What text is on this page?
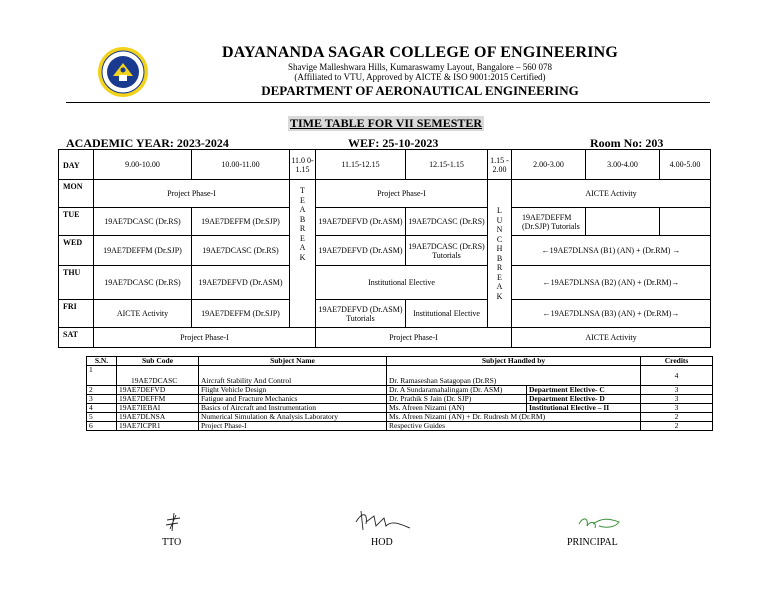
DAYANANDA SAGAR COLLEGE OF ENGINEERING
Shavige Malleshwara Hills, Kumaraswamy Layout, Bangalore – 560 078
(Affiliated to VTU, Approved by AICTE & ISO 9001:2015 Certified)
DEPARTMENT OF AERONAUTICAL ENGINEERING
TIME TABLE FOR VII SEMESTER
ACADEMIC YEAR: 2023-2024	WEF: 25-10-2023	Room No: 203
DAY	9.00-10.00	10.00-11.00	11.0 0- 1.15	11.15-12.15	12.15-1.15	1.15 - 2.00	2.00-3.00	3.00-4.00	4.00-5.00
MON	Project Phase-I		T E A B R E A K	Project Phase-I		L U N C H B R E A K	AICTE Activity		
TUE	19AE7DCASC (Dr.RS)	19AE7DEFFM (Dr.SJP)		19AE7DEFVD (Dr.ASM)	19AE7DCASC (Dr.RS)		19AE7DEFFM (Dr.SJP) Tutorials		
WED	19AE7DEFFM (Dr.SJP)	19AE7DCASC (Dr.RS)		19AE7DEFVD (Dr.ASM)	19AE7DCASC (Dr.RS) Tutorials		←19AE7DLNSA (B1) (AN) + (Dr.RM) →		
THU	19AE7DCASC (Dr.RS)	19AE7DEFVD (Dr.ASM)		Institutional Elective			←19AE7DLNSA (B2) (AN) + (Dr.RM)→		
FRI	AICTE Activity	19AE7DEFFM (Dr.SJP)		19AE7DEFVD (Dr.ASM) Tutorials	Institutional Elective		←19AE7DLNSA (B3) (AN) + (Dr.RM)→		
SAT	Project Phase-I			Project Phase-I			AICTE Activity		
S.N.	Sub Code	Subject Name	Subject Handled by		Credits
1	19AE7DCASC	Aircraft Stability And Control	Dr. Ramaseshan Satagopan (Dr.RS)		4
2	19AE7DEFVD	Flight Vehicle Design	Dr. A Sundaramahalingam (Dr. ASM)	Department Elective- C	3
3	19AE7DEFFM	Fatigue and Fracture Mechanics	Dr. Prathik S Jain (Dr. SJP)	Department Elective- D	3
4	19AE7IEBAI	Basics of Aircraft and Instrumentation	Ms. Afreen Nizami (AN)	Institutional Elective – II	3
5	19AE7DLNSA	Numerical Simulation & Analysis Laboratory	Ms. Afreen Nizami (AN) + Dr. Rudresh M (Dr.RM)		2
6	19AE7ICPR1	Project Phase-I	Respective Guides		2
TTO	HOD	PRINCIPAL
